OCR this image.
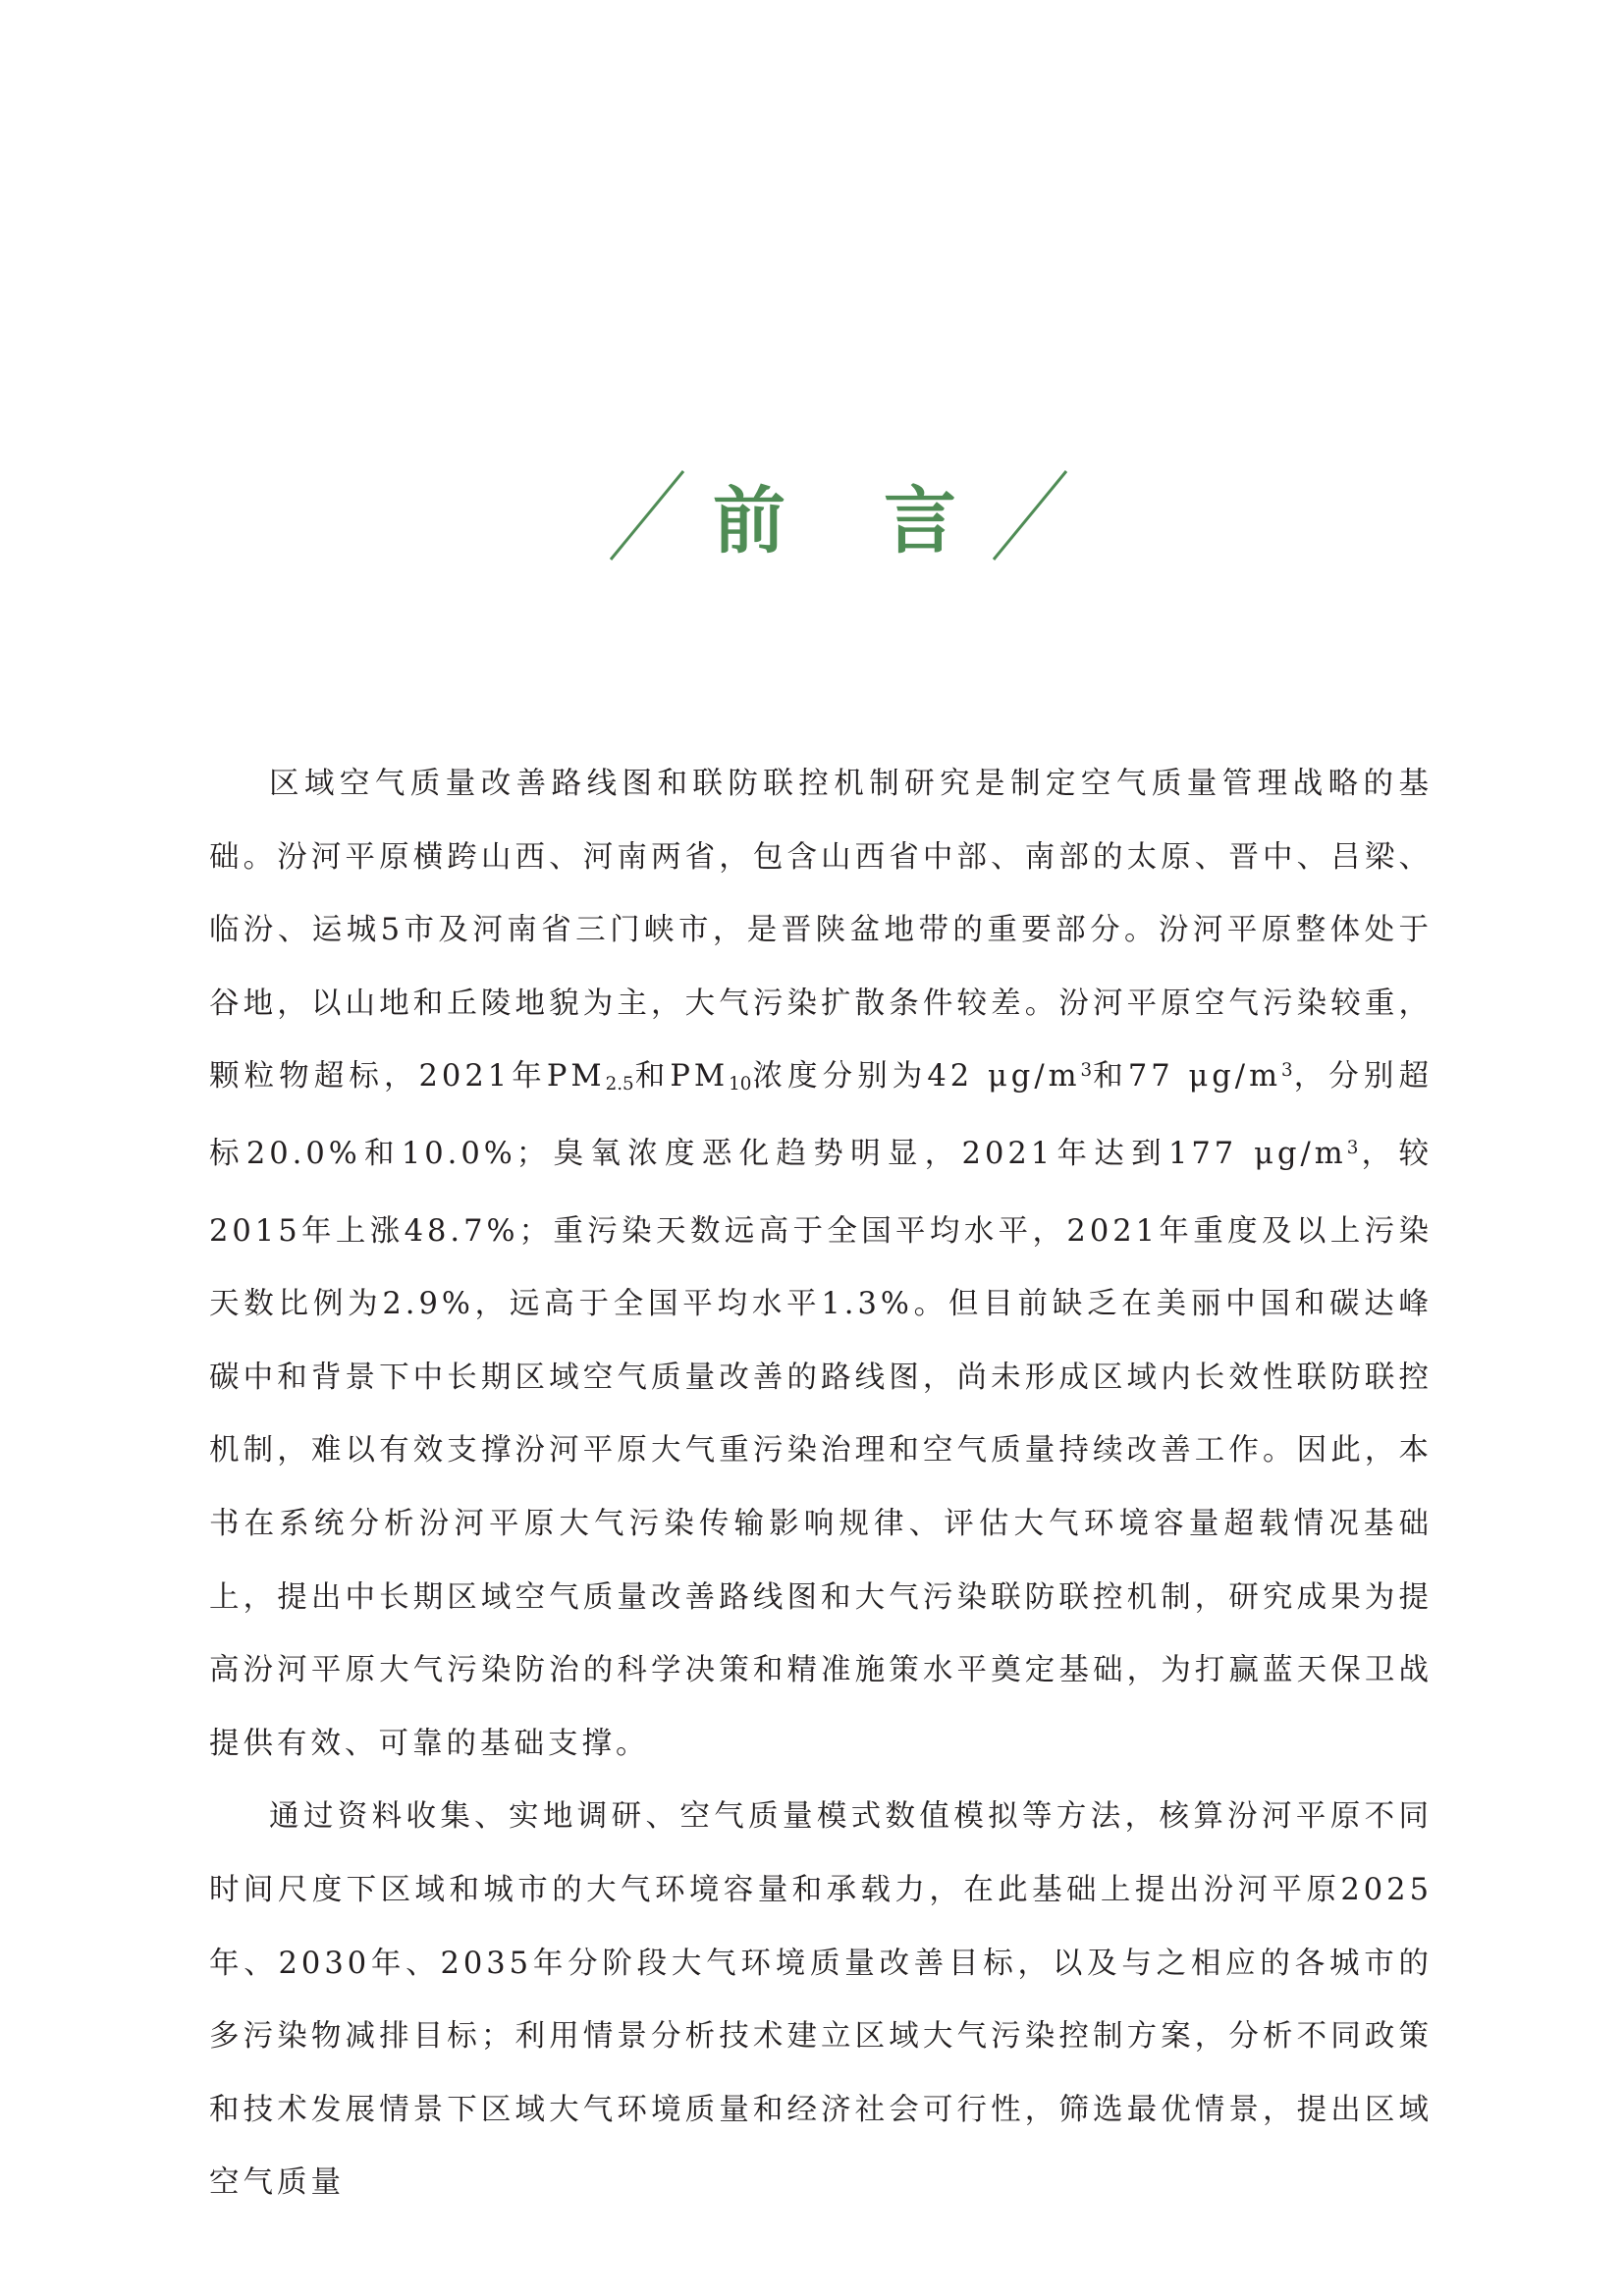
前 言

区域空气质量改善路线图和联防联控机制研究是制定空气质量管理战略的基础。汾河平原横跨山西、河南两省，包含山西省中部、南部的太原、晋中、吕梁、临汾、运城5市及河南省三门峡市，是晋陕盆地带的重要部分。汾河平原整体处于谷地，以山地和丘陵地貌为主，大气污染扩散条件较差。汾河平原空气污染较重，颗粒物超标，2021年$PM_{2.5}$和$PM_{10}$浓度分别为42 $\mu g/m^3$和77 $\mu g/m^3$，分别超标20.0%和10.0%；臭氧浓度恶化趋势明显，2021年达到177 $\mu g/m^3$，较2015年上涨48.7%；重污染天数远高于全国平均水平，2021年重度及以上污染天数比例为2.9%，远高于全国平均水平1.3%。但目前缺乏在美丽中国和碳达峰碳中和背景下中长期区域空气质量改善的路线图，尚未形成区域内长效性联防联控机制，难以有效支撑汾河平原大气重污染治理和空气质量持续改善工作。因此，本书在系统分析汾河平原大气污染传输影响规律、评估大气环境容量超载情况基础上，提出中长期区域空气质量改善路线图和大气污染联防联控机制，研究成果为提高汾河平原大气污染防治的科学决策和精准施策水平奠定基础，为打赢蓝天保卫战提供有效、可靠的基础支撑。

通过资料收集、实地调研、空气质量模式数值模拟等方法，核算汾河平原不同时间尺度下区域和城市的大气环境容量和承载力，在此基础上提出汾河平原2025年、2030年、2035年分阶段大气环境质量改善目标，以及与之相应的各城市的多污染物减排目标；利用情景分析技术建立区域大气污染控制方案，分析不同政策和技术发展情景下区域大气环境质量和经济社会可行性，筛选最优情景，提出区域空气质量
